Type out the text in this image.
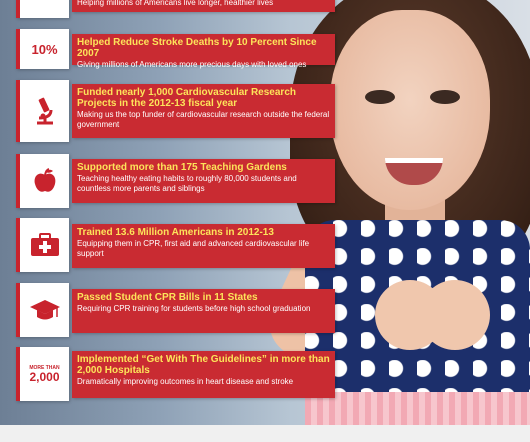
Helping millions of Americans live longer, healthier lives
10% Helped Reduce Stroke Deaths by 10 Percent Since 2007
Giving millions of Americans more precious days with loved ones
Funded nearly 1,000 Cardiovascular Research Projects in the 2012-13 fiscal year
Making us the top funder of cardiovascular research outside the federal government
Supported more than 175 Teaching Gardens
Teaching healthy eating habits to roughly 80,000 students and countless more parents and siblings
Trained 13.6 Million Americans in 2012-13
Equipping them in CPR, first aid and advanced cardiovascular life support
Passed Student CPR Bills in 11 States
Requiring CPR training for students before high school graduation
MORE THAN
2,000
Implemented “Get With The Guidelines” in more than 2,000 Hospitals
Dramatically improving outcomes in heart disease and stroke
